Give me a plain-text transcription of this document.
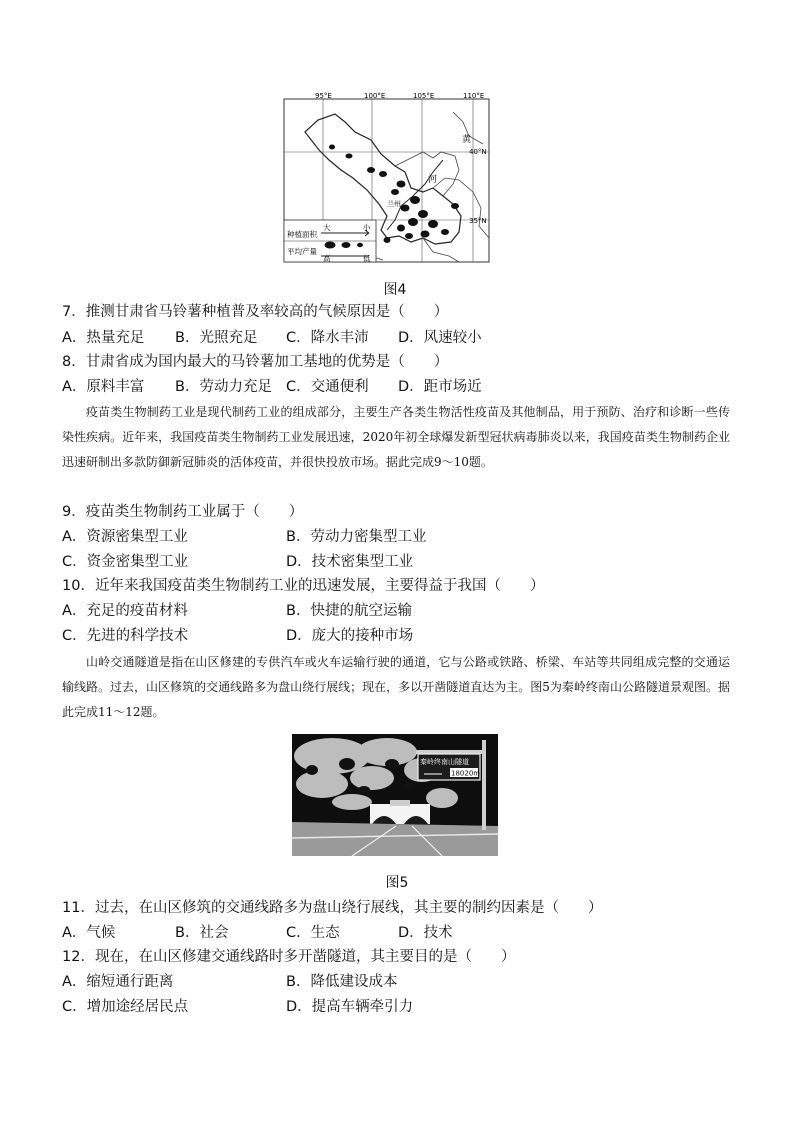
95°E	100°E	105°E	110°E
40°N
35°N
黄
河
兰州
种植面积
平均产量
大	小
高	低
图4
7．推测甘肃省马铃薯种植普及率较高的气候原因是（　　）
A．热量充足 B．光照充足 C．降水丰沛 D．风速较小
8．甘肃省成为国内最大的马铃薯加工基地的优势是（　　）
A．原料丰富 B．劳动力充足 C．交通便利 D．距市场近
疫苗类生物制药工业是现代制药工业的组成部分，主要生产各类生物活性疫苗及其他制品，用于预防、治疗和诊断一些传染性疾病。近年来，我国疫苗类生物制药工业发展迅速，2020年初全球爆发新型冠状病毒肺炎以来，我国疫苗类生物制药企业迅速研制出多款防御新冠肺炎的活体疫苗，并很快投放市场。据此完成9～10题。
9．疫苗类生物制药工业属于（　　）
A．资源密集型工业	B．劳动力密集型工业
C．资金密集型工业	D．技术密集型工业
10．近年来我国疫苗类生物制药工业的迅速发展，主要得益于我国（　　）
A．充足的疫苗材料	B．快捷的航空运输
C．先进的科学技术	D．庞大的接种市场
山岭交通隧道是指在山区修建的专供汽车或火车运输行驶的通道，它与公路或铁路、桥梁、车站等共同组成完整的交通运输线路。过去，山区修筑的交通线路多为盘山绕行展线；现在，多以开凿隧道直达为主。图5为秦岭终南山公路隧道景观图。据此完成11～12题。
秦岭终南山隧道
18020m
图5
11．过去，在山区修筑的交通线路多为盘山绕行展线，其主要的制约因素是（　　）
A．气候	B．社会	C．生态	D．技术
12．现在，在山区修建交通线路时多开凿隧道，其主要目的是（　　）
A．缩短通行距离	B．降低建设成本
C．增加途经居民点	D．提高车辆牵引力
